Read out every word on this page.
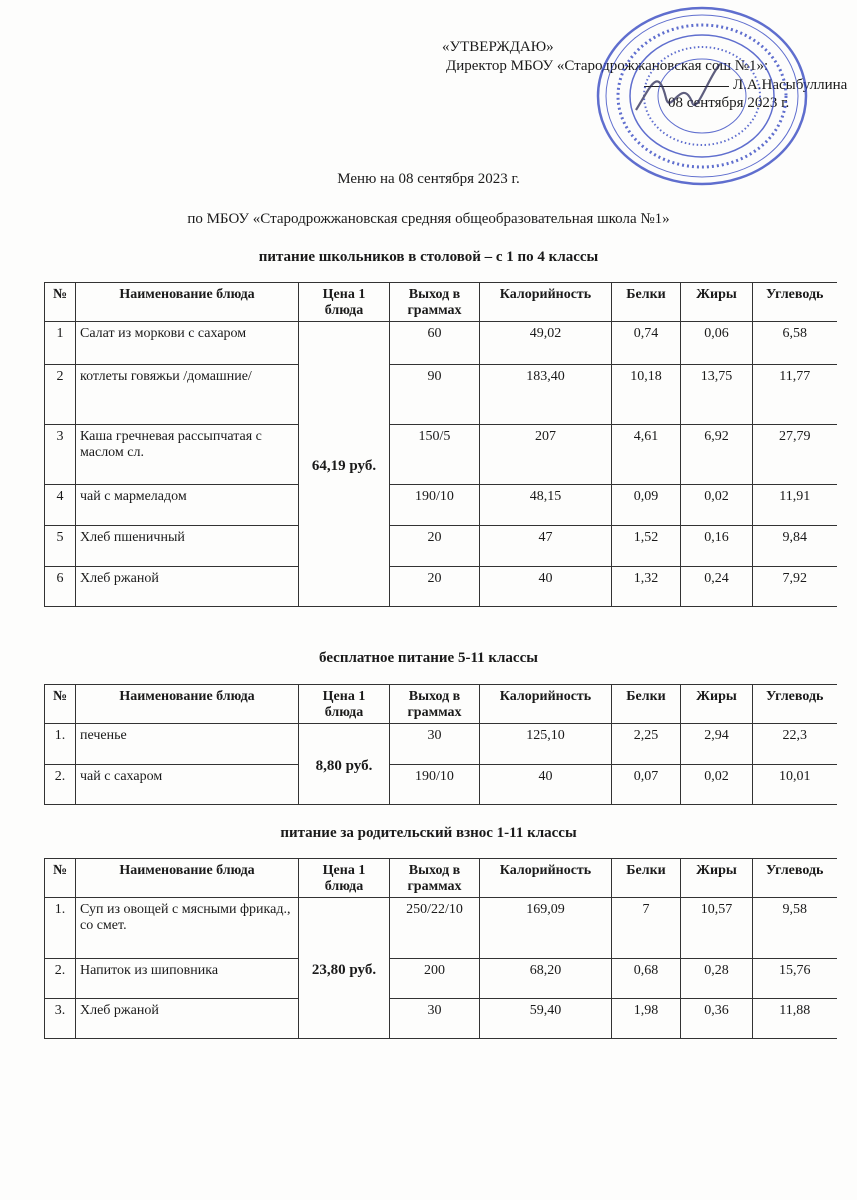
«УТВЕРЖДАЮ»
Директор МБОУ «Стародрожжановская сош №1»:
Л.А.Насыбуллина
08 сентября 2023 г.
Меню на 08 сентября 2023 г.
по МБОУ «Стародрожжановская средняя общеобразовательная школа №1»
питание школьников в столовой – с 1 по 4 классы
№	Наименование блюда	Цена 1 блюда	Выход в граммах	Калорийность	Белки	Жиры	Углеводь

1	Салат из моркови с сахаром	64,19 руб.	60	49,02	0,74	0,06	6,58
2	котлеты говяжьи /домашние/		90	183,40	10,18	13,75	11,77
3	Каша гречневая рассыпчатая с маслом сл.		150/5	207	4,61	6,92	27,79
4	чай с мармеладом		190/10	48,15	0,09	0,02	11,91
5	Хлеб пшеничный		20	47	1,52	0,16	9,84
6	Хлеб ржаной		20	40	1,32	0,24	7,92
бесплатное питание 5-11 классы
№	Наименование блюда	Цена 1 блюда	Выход в граммах	Калорийность	Белки	Жиры	Углеводь

1.	печенье	8,80 руб.	30	125,10	2,25	2,94	22,3
2.	чай с сахаром		190/10	40	0,07	0,02	10,01
питание за родительский взнос 1-11 классы
№	Наименование блюда	Цена 1 блюда	Выход в граммах	Калорийность	Белки	Жиры	Углеводь

1.	Суп из овощей с мясными фрикад., со смет.	23,80 руб.	250/22/10	169,09	7	10,57	9,58
2.	Напиток из шиповника		200	68,20	0,68	0,28	15,76
3.	Хлеб ржаной		30	59,40	1,98	0,36	11,88
